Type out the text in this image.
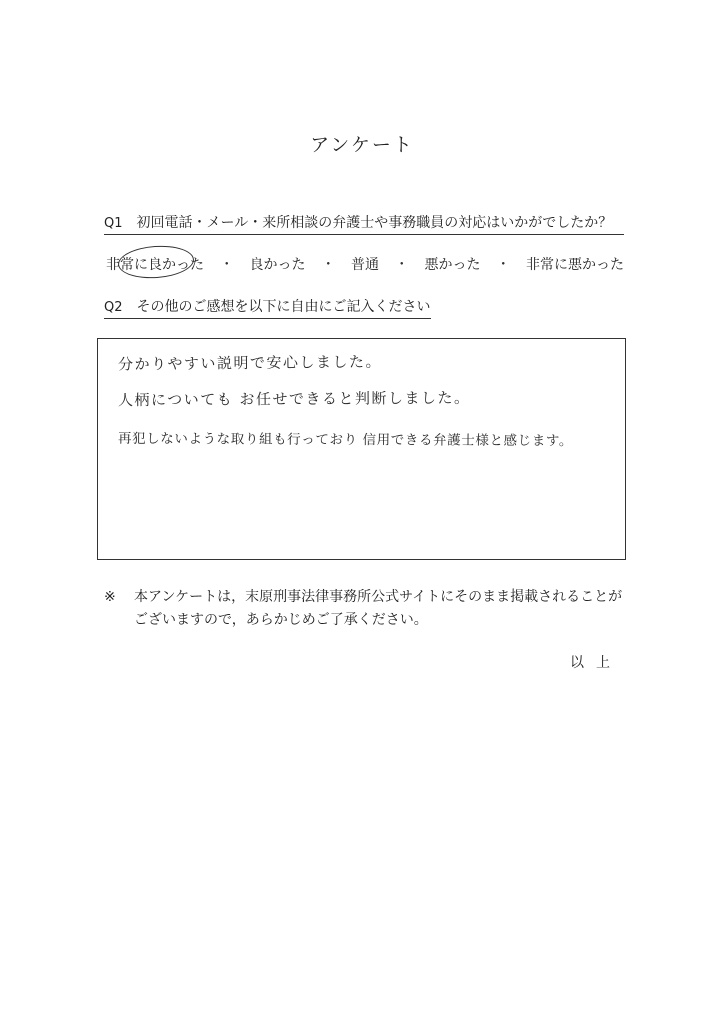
アンケート
Q1 初回電話・メール・来所相談の弁護士や事務職員の対応はいかがでしたか？
非常に良かった ・ 良かった ・ 普通 ・ 悪かった ・ 非常に悪かった
Q2 その他のご感想を以下に自由にご記入ください
分かりやすい説明で安心しました。
人柄についても お任せできると判断しました。
再犯しないような取り組も行っており 信用できる弁護士様と感じます。
※	本アンケートは，末原刑事法律事務所公式サイトにそのまま掲載されることがございますので，あらかじめご了承ください。
以上
